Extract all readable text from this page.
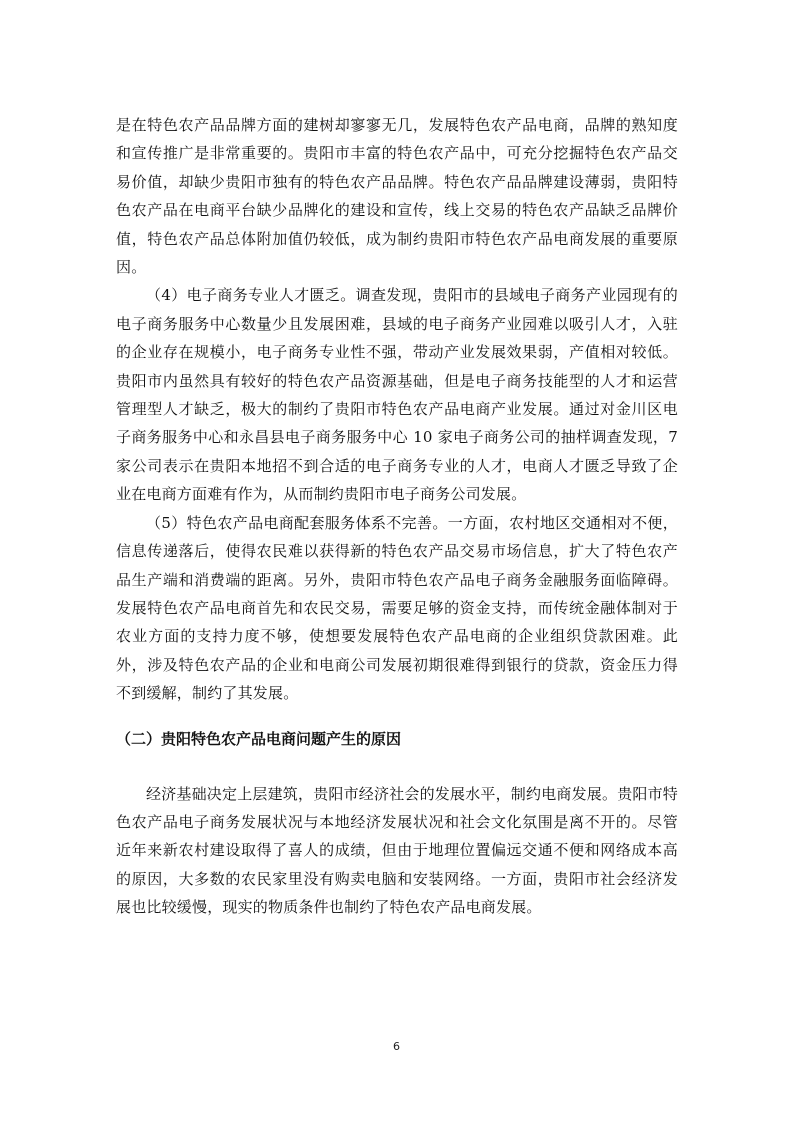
是在特色农产品品牌方面的建树却寥寥无几，发展特色农产品电商，品牌的熟知度和宣传推广是非常重要的。贵阳市丰富的特色农产品中，可充分挖掘特色农产品交易价值，却缺少贵阳市独有的特色农产品品牌。特色农产品品牌建设薄弱，贵阳特色农产品在电商平台缺少品牌化的建设和宣传，线上交易的特色农产品缺乏品牌价值，特色农产品总体附加值仍较低，成为制约贵阳市特色农产品电商发展的重要原因。

（4）电子商务专业人才匮乏。调查发现，贵阳市的县域电子商务产业园现有的电子商务服务中心数量少且发展困难，县域的电子商务产业园难以吸引人才，入驻的企业存在规模小，电子商务专业性不强，带动产业发展效果弱，产值相对较低。贵阳市内虽然具有较好的特色农产品资源基础，但是电子商务技能型的人才和运营管理型人才缺乏，极大的制约了贵阳市特色农产品电商产业发展。通过对金川区电子商务服务中心和永昌县电子商务服务中心 10 家电子商务公司的抽样调查发现，7 家公司表示在贵阳本地招不到合适的电子商务专业的人才，电商人才匮乏导致了企业在电商方面难有作为，从而制约贵阳市电子商务公司发展。

（5）特色农产品电商配套服务体系不完善。一方面，农村地区交通相对不便，信息传递落后，使得农民难以获得新的特色农产品交易市场信息，扩大了特色农产品生产端和消费端的距离。另外，贵阳市特色农产品电子商务金融服务面临障碍。发展特色农产品电商首先和农民交易，需要足够的资金支持，而传统金融体制对于农业方面的支持力度不够，使想要发展特色农产品电商的企业组织贷款困难。此外，涉及特色农产品的企业和电商公司发展初期很难得到银行的贷款，资金压力得不到缓解，制约了其发展。

（二）贵阳特色农产品电商问题产生的原因

经济基础决定上层建筑，贵阳市经济社会的发展水平，制约电商发展。贵阳市特色农产品电子商务发展状况与本地经济发展状况和社会文化氛围是离不开的。尽管近年来新农村建设取得了喜人的成绩，但由于地理位置偏远交通不便和网络成本高的原因，大多数的农民家里没有购卖电脑和安装网络。一方面，贵阳市社会经济发展也比较缓慢，现实的物质条件也制约了特色农产品电商发展。

6
